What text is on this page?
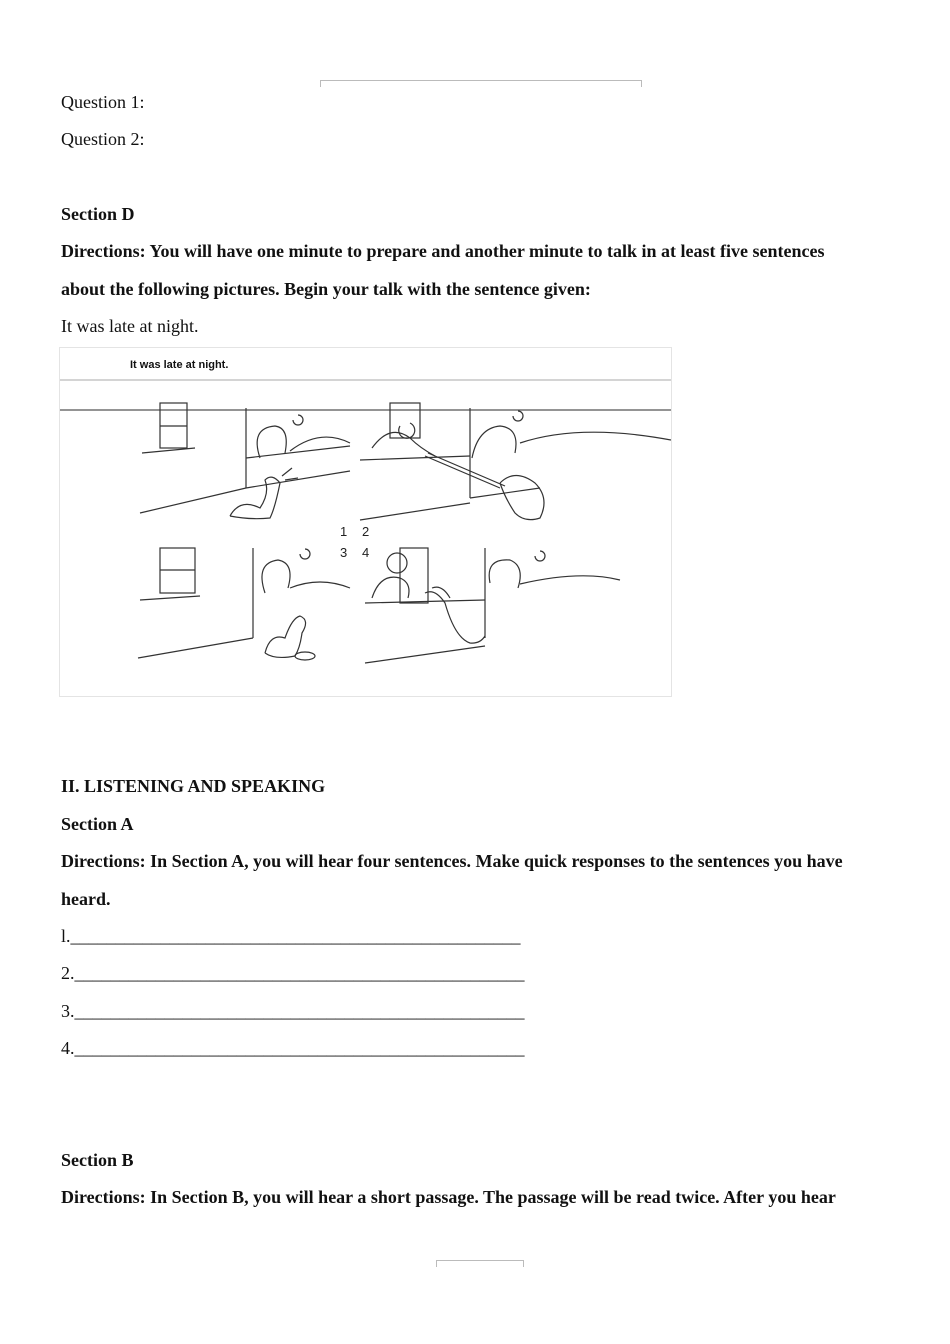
Question 1:
Question 2:
Section D
Directions: You will have one minute to prepare and another minute to talk in at least five sentences
about the following pictures. Begin your talk with the sentence given:
It was late at night.
It was late at night.
1 2
3 4
II. LISTENING AND SPEAKING
Section A
Directions: In Section A, you will hear four sentences. Make quick responses to the sentences you have
heard.
l.__________________________________________________
2.__________________________________________________
3.__________________________________________________
4.__________________________________________________
Section B
Directions: In Section B, you will hear a short passage. The passage will be read twice. After you hear
